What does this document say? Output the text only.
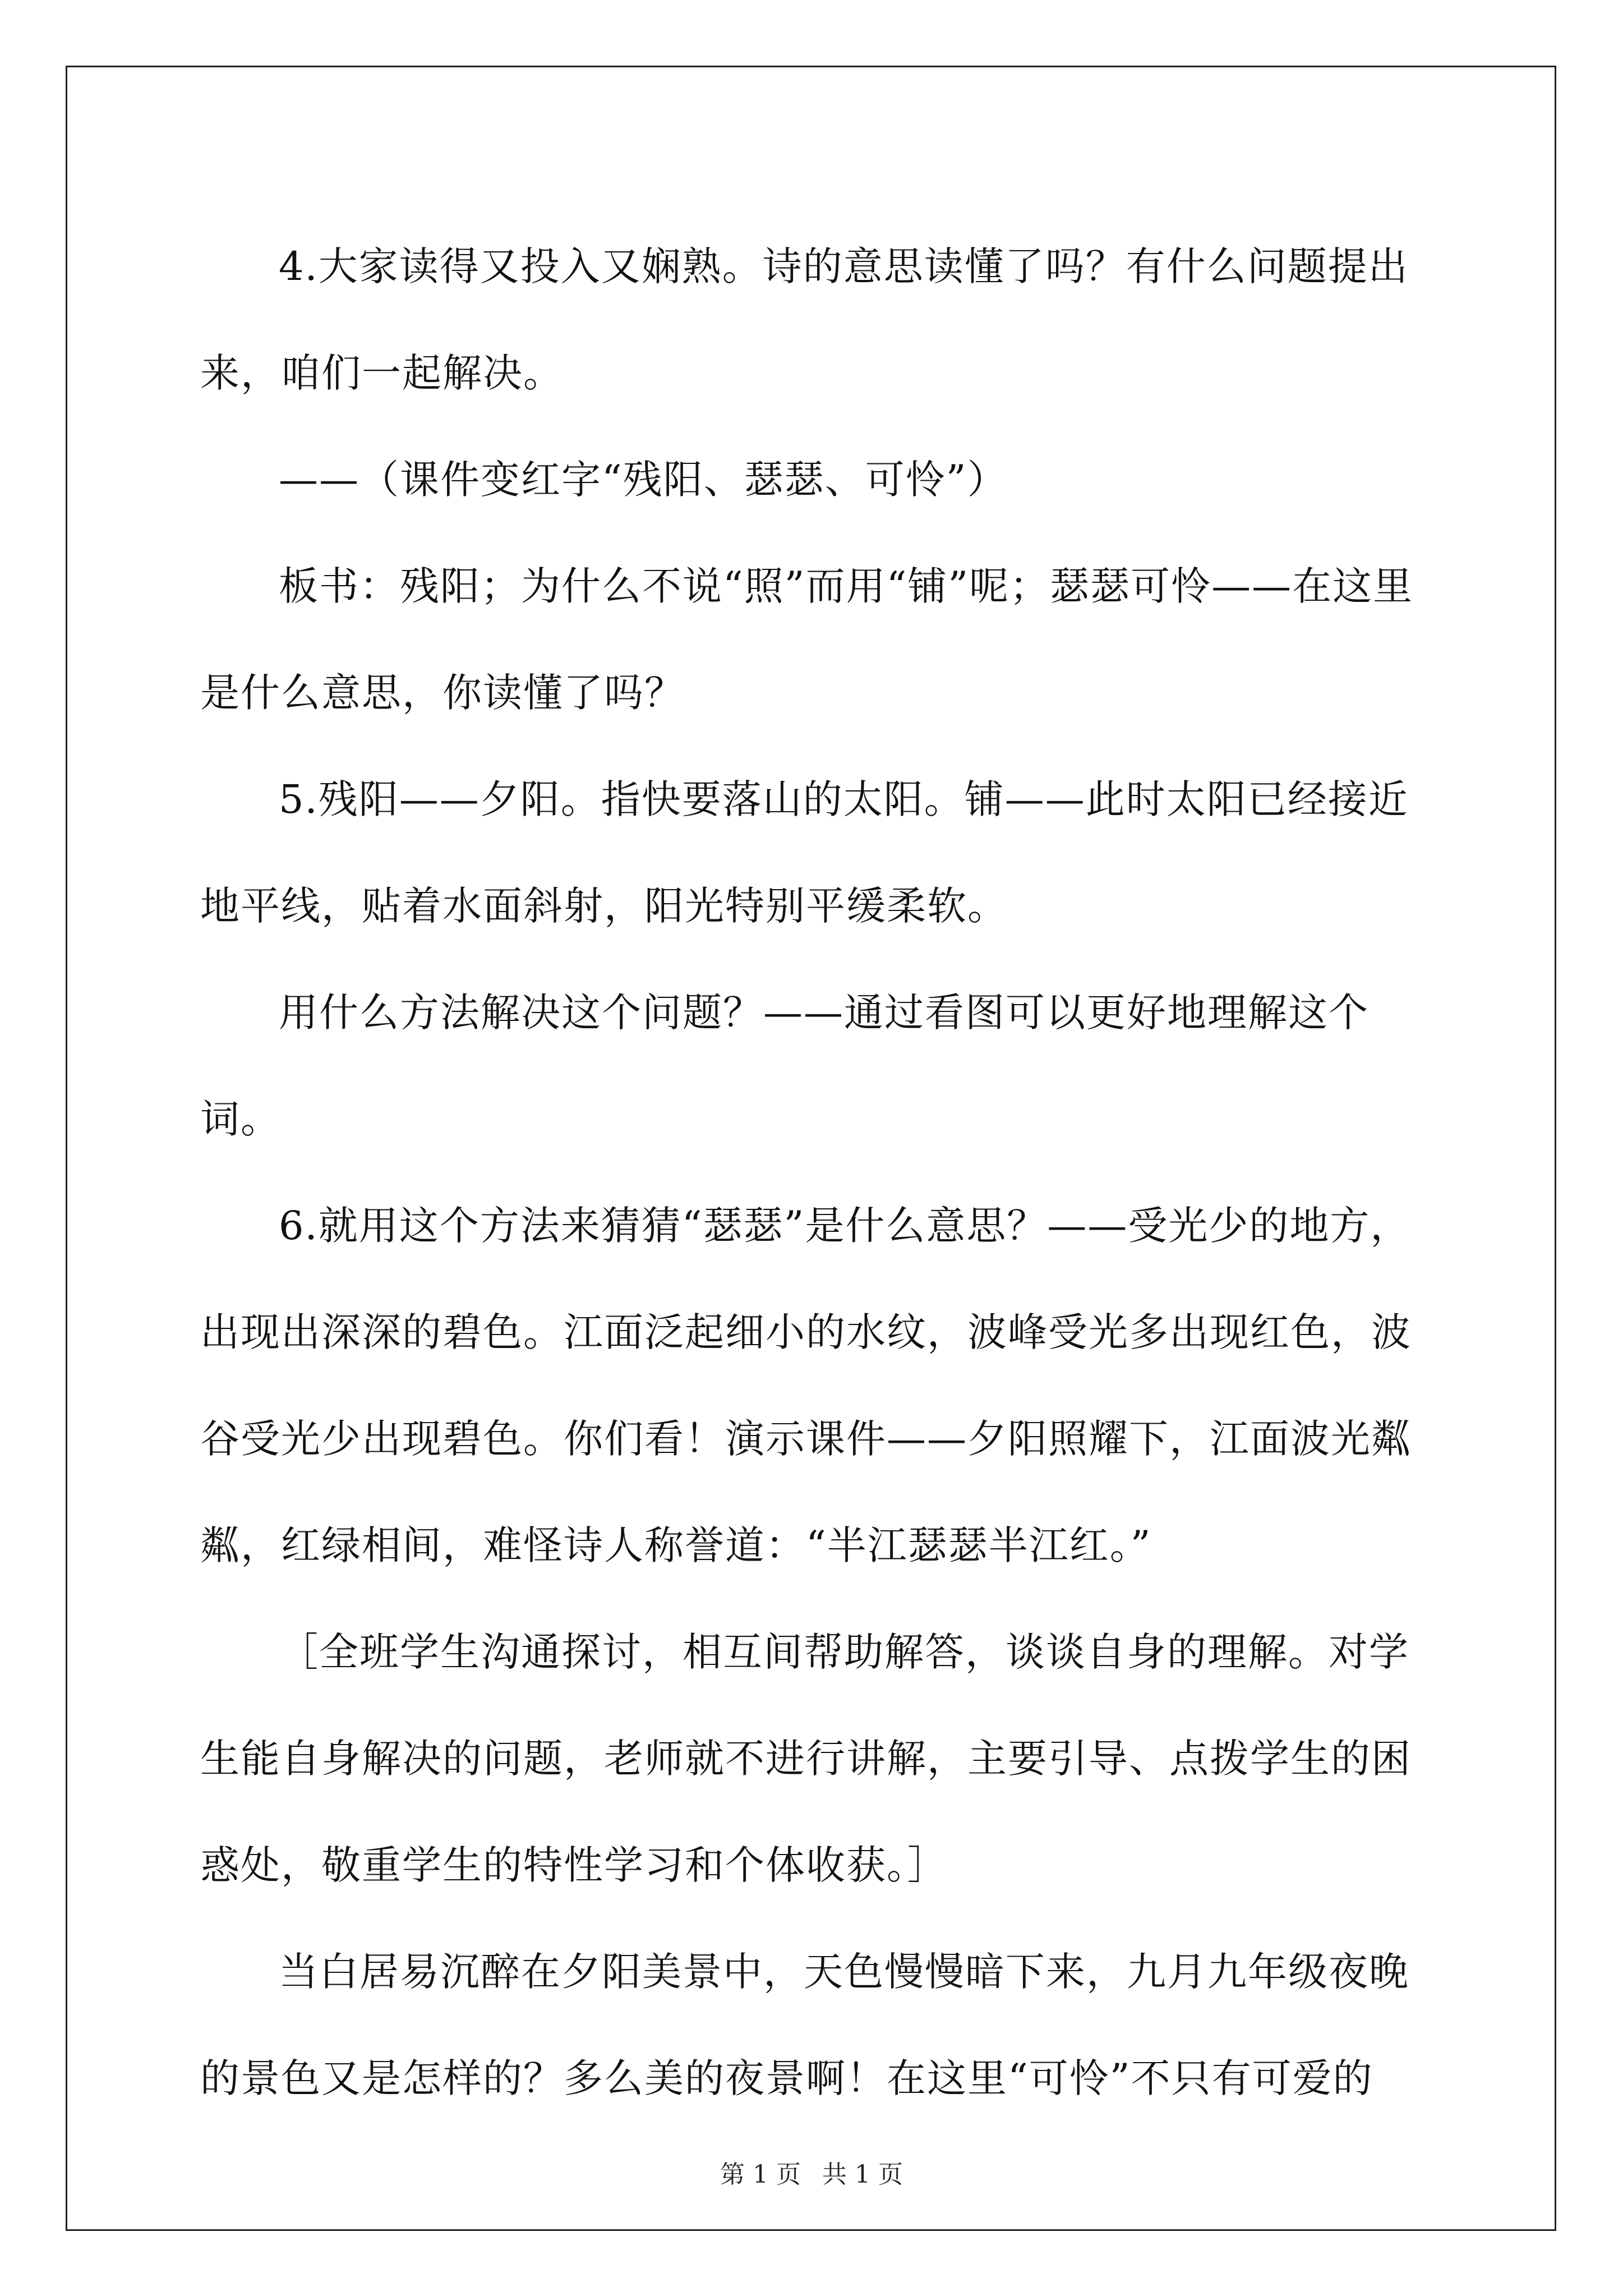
4.大家读得又投入又娴熟。诗的意思读懂了吗？有什么问题提出来，咱们一起解决。

——（课件变红字“残阳、瑟瑟、可怜”）

板书：残阳；为什么不说“照”而用“铺”呢；瑟瑟可怜——在这里是什么意思，你读懂了吗？

5.残阳——夕阳。指快要落山的太阳。铺——此时太阳已经接近地平线，贴着水面斜射，阳光特别平缓柔软。

用什么方法解决这个问题？——通过看图可以更好地理解这个词。

6.就用这个方法来猜猜“瑟瑟”是什么意思？——受光少的地方，出现出深深的碧色。江面泛起细小的水纹，波峰受光多出现红色，波谷受光少出现碧色。你们看！演示课件——夕阳照耀下，江面波光粼粼，红绿相间，难怪诗人称誉道：“半江瑟瑟半江红。”

［全班学生沟通探讨，相互间帮助解答，谈谈自身的理解。对学生能自身解决的问题，老师就不进行讲解，主要引导、点拨学生的困惑处，敬重学生的特性学习和个体收获。］

当白居易沉醉在夕阳美景中，天色慢慢暗下来，九月九年级夜晚的景色又是怎样的？多么美的夜景啊！在这里“可怜”不只有可爱的

第 1 页 共 1 页
